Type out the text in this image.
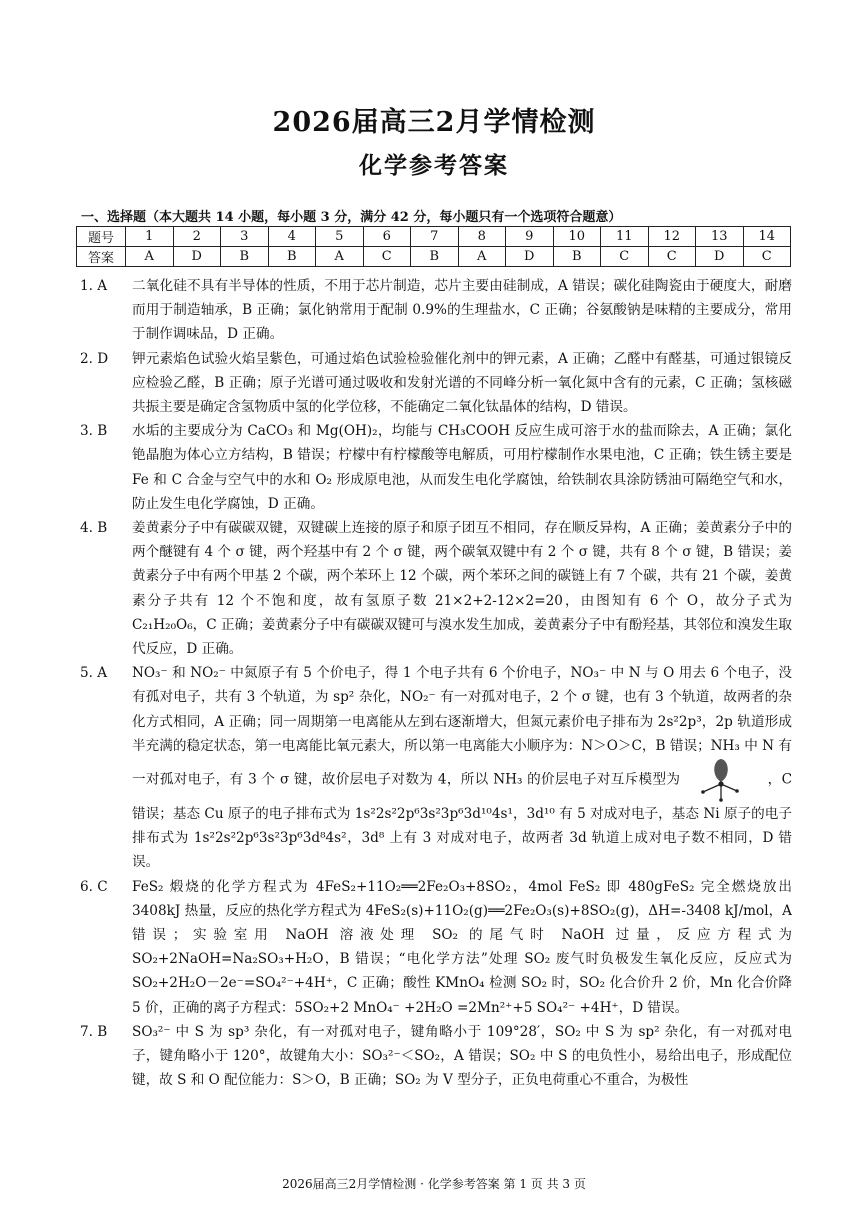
2026届高三2月学情检测
化学参考答案
一、选择题（本大题共 14 小题，每小题 3 分，满分 42 分，每小题只有一个选项符合题意）
题号	1	2	3	4	5	6	7	8	9	10	11	12	13	14
答案	A	D	B	B	A	C	B	A	D	B	C	C	D	C
1. A	二氧化硅不具有半导体的性质，不用于芯片制造，芯片主要由硅制成，A 错误；碳化硅陶瓷由于硬度大，耐磨而用于制造轴承，B 正确；氯化钠常用于配制 0.9%的生理盐水，C 正确；谷氨酸钠是味精的主要成分，常用于制作调味品，D 正确。
2. D	钾元素焰色试验火焰呈紫色，可通过焰色试验检验催化剂中的钾元素，A 正确；乙醛中有醛基，可通过银镜反应检验乙醛，B 正确；原子光谱可通过吸收和发射光谱的不同峰分析一氧化氮中含有的元素，C 正确；氢核磁共振主要是确定含氢物质中氢的化学位移，不能确定二氧化钛晶体的结构，D 错误。
3. B	水垢的主要成分为 CaCO₃ 和 Mg(OH)₂，均能与 CH₃COOH 反应生成可溶于水的盐而除去，A 正确；氯化铯晶胞为体心立方结构，B 错误；柠檬中有柠檬酸等电解质，可用柠檬制作水果电池，C 正确；铁生锈主要是 Fe 和 C 合金与空气中的水和 O₂ 形成原电池，从而发生电化学腐蚀，给铁制农具涂防锈油可隔绝空气和水，防止发生电化学腐蚀，D 正确。
4. B	姜黄素分子中有碳碳双键，双键碳上连接的原子和原子团互不相同，存在顺反异构，A 正确；姜黄素分子中的两个醚键有 4 个 σ 键，两个羟基中有 2 个 σ 键，两个碳氧双键中有 2 个 σ 键，共有 8 个 σ 键，B 错误；姜黄素分子中有两个甲基 2 个碳，两个苯环上 12 个碳，两个苯环之间的碳链上有 7 个碳，共有 21 个碳，姜黄素分子共有 12 个不饱和度，故有氢原子数 21×2+2-12×2=20，由图知有 6 个 O，故分子式为 C₂₁H₂₀O₆，C 正确；姜黄素分子中有碳碳双键可与溴水发生加成，姜黄素分子中有酚羟基，其邻位和溴发生取代反应，D 正确。
5. A	NO₃⁻ 和 NO₂⁻ 中氮原子有 5 个价电子，得 1 个电子共有 6 个价电子，NO₃⁻ 中 N 与 O 用去 6 个电子，没有孤对电子，共有 3 个轨道，为 sp² 杂化，NO₂⁻ 有一对孤对电子，2 个 σ 键，也有 3 个轨道，故两者的杂化方式相同，A 正确；同一周期第一电离能从左到右逐渐增大，但氮元素价电子排布为 2s²2p³，2p 轨道形成半充满的稳定状态，第一电离能比氧元素大，所以第一电离能大小顺序为：N＞O＞C，B 错误；NH₃ 中 N 有一对孤对电子，有 3 个 σ 键，故价层电子对数为 4，所以 NH₃ 的价层电子对互斥模型为	，C 错误；基态 Cu 原子的电子排布式为 1s²2s²2p⁶3s²3p⁶3d¹⁰4s¹，3d¹⁰ 有 5 对成对电子，基态 Ni 原子的电子排布式为 1s²2s²2p⁶3s²3p⁶3d⁸4s²，3d⁸ 上有 3 对成对电子，故两者 3d 轨道上成对电子数不相同，D 错误。
6. C	FeS₂ 煅烧的化学方程式为 4FeS₂+11O₂══2Fe₂O₃+8SO₂，4mol FeS₂ 即 480gFeS₂ 完全燃烧放出 3408kJ 热量，反应的热化学方程式为 4FeS₂(s)+11O₂(g)══2Fe₂O₃(s)+8SO₂(g)，ΔH=-3408 kJ/mol，A 错误；实验室用 NaOH 溶液处理 SO₂ 的尾气时 NaOH 过量，反应方程式为 SO₂+2NaOH=Na₂SO₃+H₂O，B 错误；“电化学方法”处理 SO₂ 废气时负极发生氧化反应，反应式为 SO₂+2H₂O－2e⁻=SO₄²⁻+4H⁺，C 正确；酸性 KMnO₄ 检测 SO₂ 时，SO₂ 化合价升 2 价，Mn 化合价降 5 价，正确的离子方程式：5SO₂+2 MnO₄⁻ +2H₂O =2Mn²⁺+5 SO₄²⁻ +4H⁺，D 错误。
7. B	SO₃²⁻ 中 S 为 sp³ 杂化，有一对孤对电子，键角略小于 109°28′，SO₂ 中 S 为 sp² 杂化，有一对孤对电子，键角略小于 120°，故键角大小：SO₃²⁻＜SO₂，A 错误；SO₂ 中 S 的电负性小，易给出电子，形成配位键，故 S 和 O 配位能力：S＞O，B 正确；SO₂ 为 V 型分子，正负电荷重心不重合，为极性
2026届高三2月学情检测 · 化学参考答案 第 1 页 共 3 页
